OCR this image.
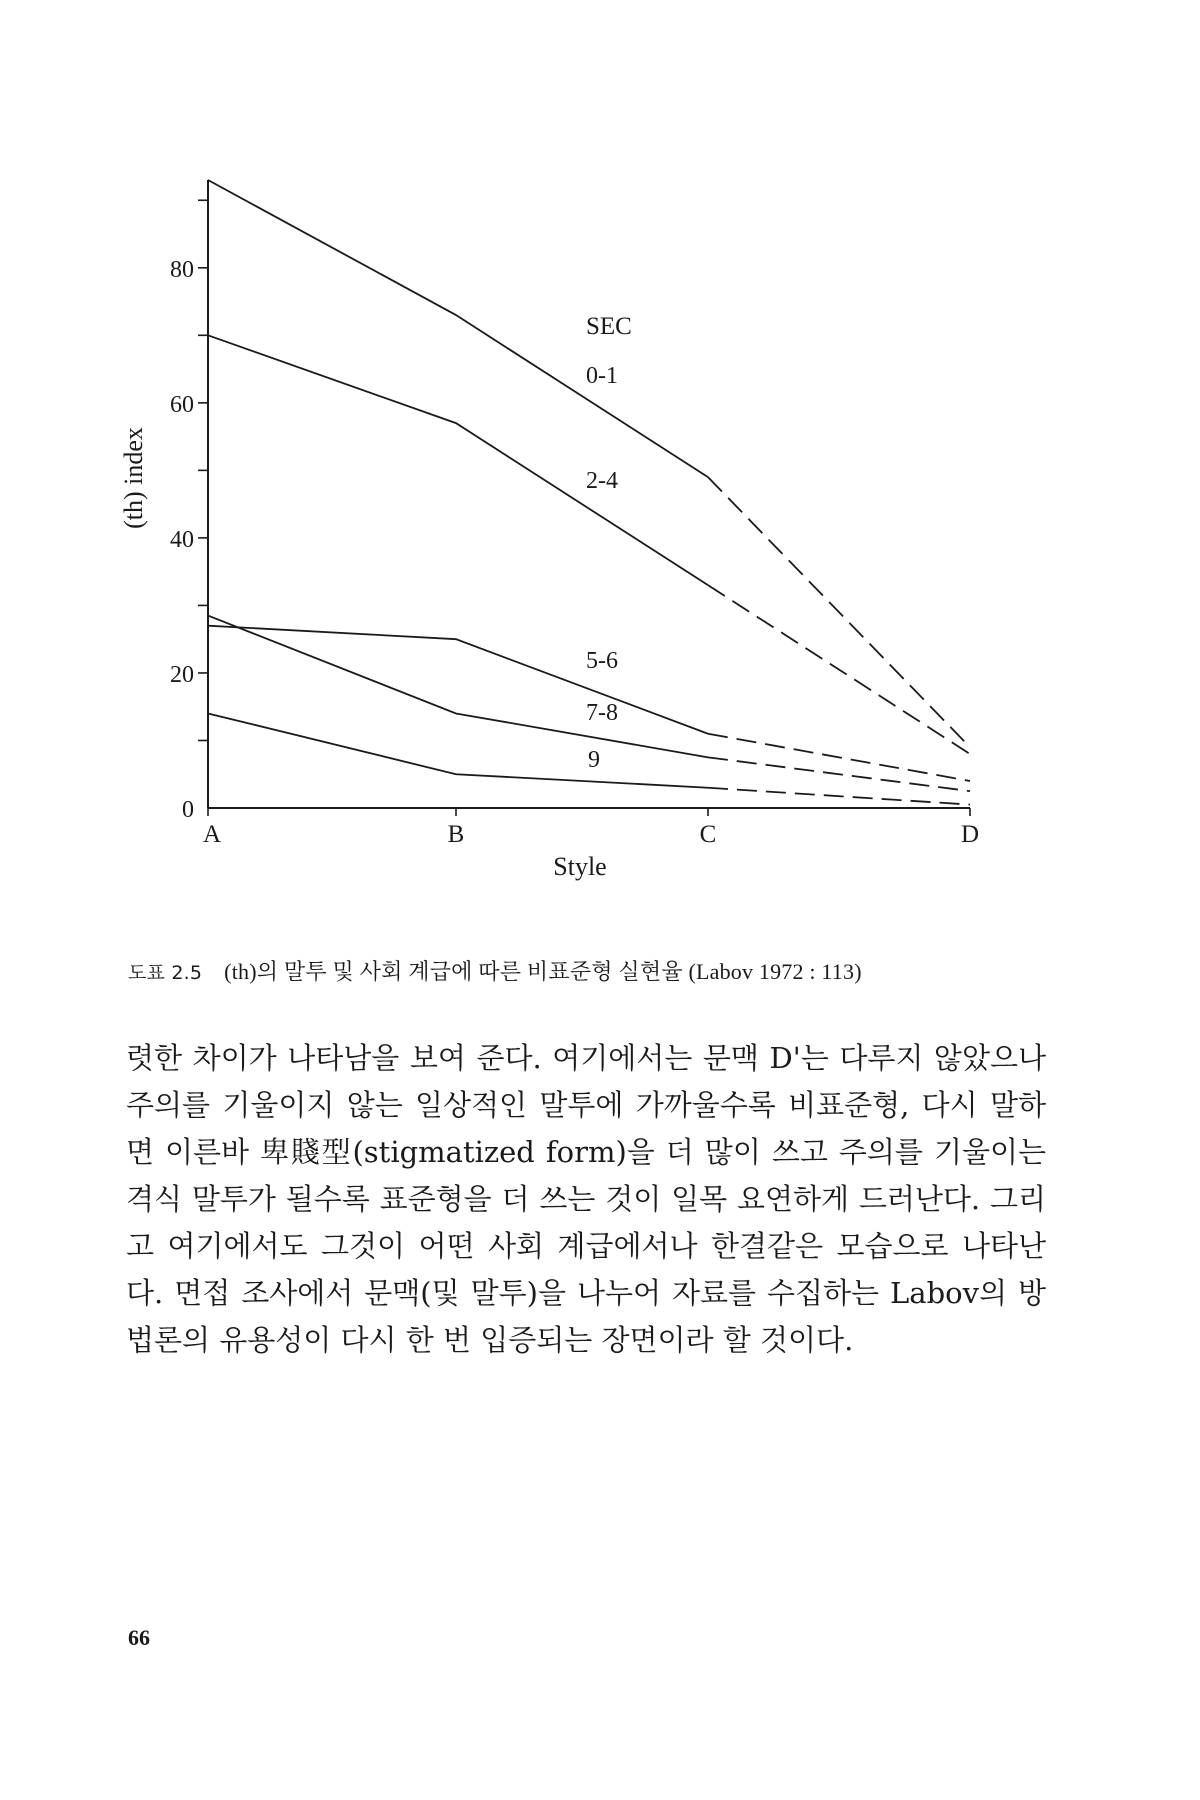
0
20
40
60
80
A	B	C	D
0-1
2-4
5-6
7-8
9
Style
(th) index
SEC
도표 2.5 (th)의 말투 및 사회 계급에 따른 비표준형 실현율 (Labov 1972 : 113)

렷한 차이가 나타남을 보여 준다. 여기에서는 문맥 D'는 다루지 않았으나 주의를 기울이지 않는 일상적인 말투에 가까울수록 비표준형, 다시 말하면 이른바 卑賤型(stigmatized form)을 더 많이 쓰고 주의를 기울이는 격식 말투가 될수록 표준형을 더 쓰는 것이 일목 요연하게 드러난다. 그리고 여기에서도 그것이 어떤 사회 계급에서나 한결같은 모습으로 나타난다. 면접 조사에서 문맥(및 말투)을 나누어 자료를 수집하는 Labov의 방법론의 유용성이 다시 한 번 입증되는 장면이라 할 것이다.

66
